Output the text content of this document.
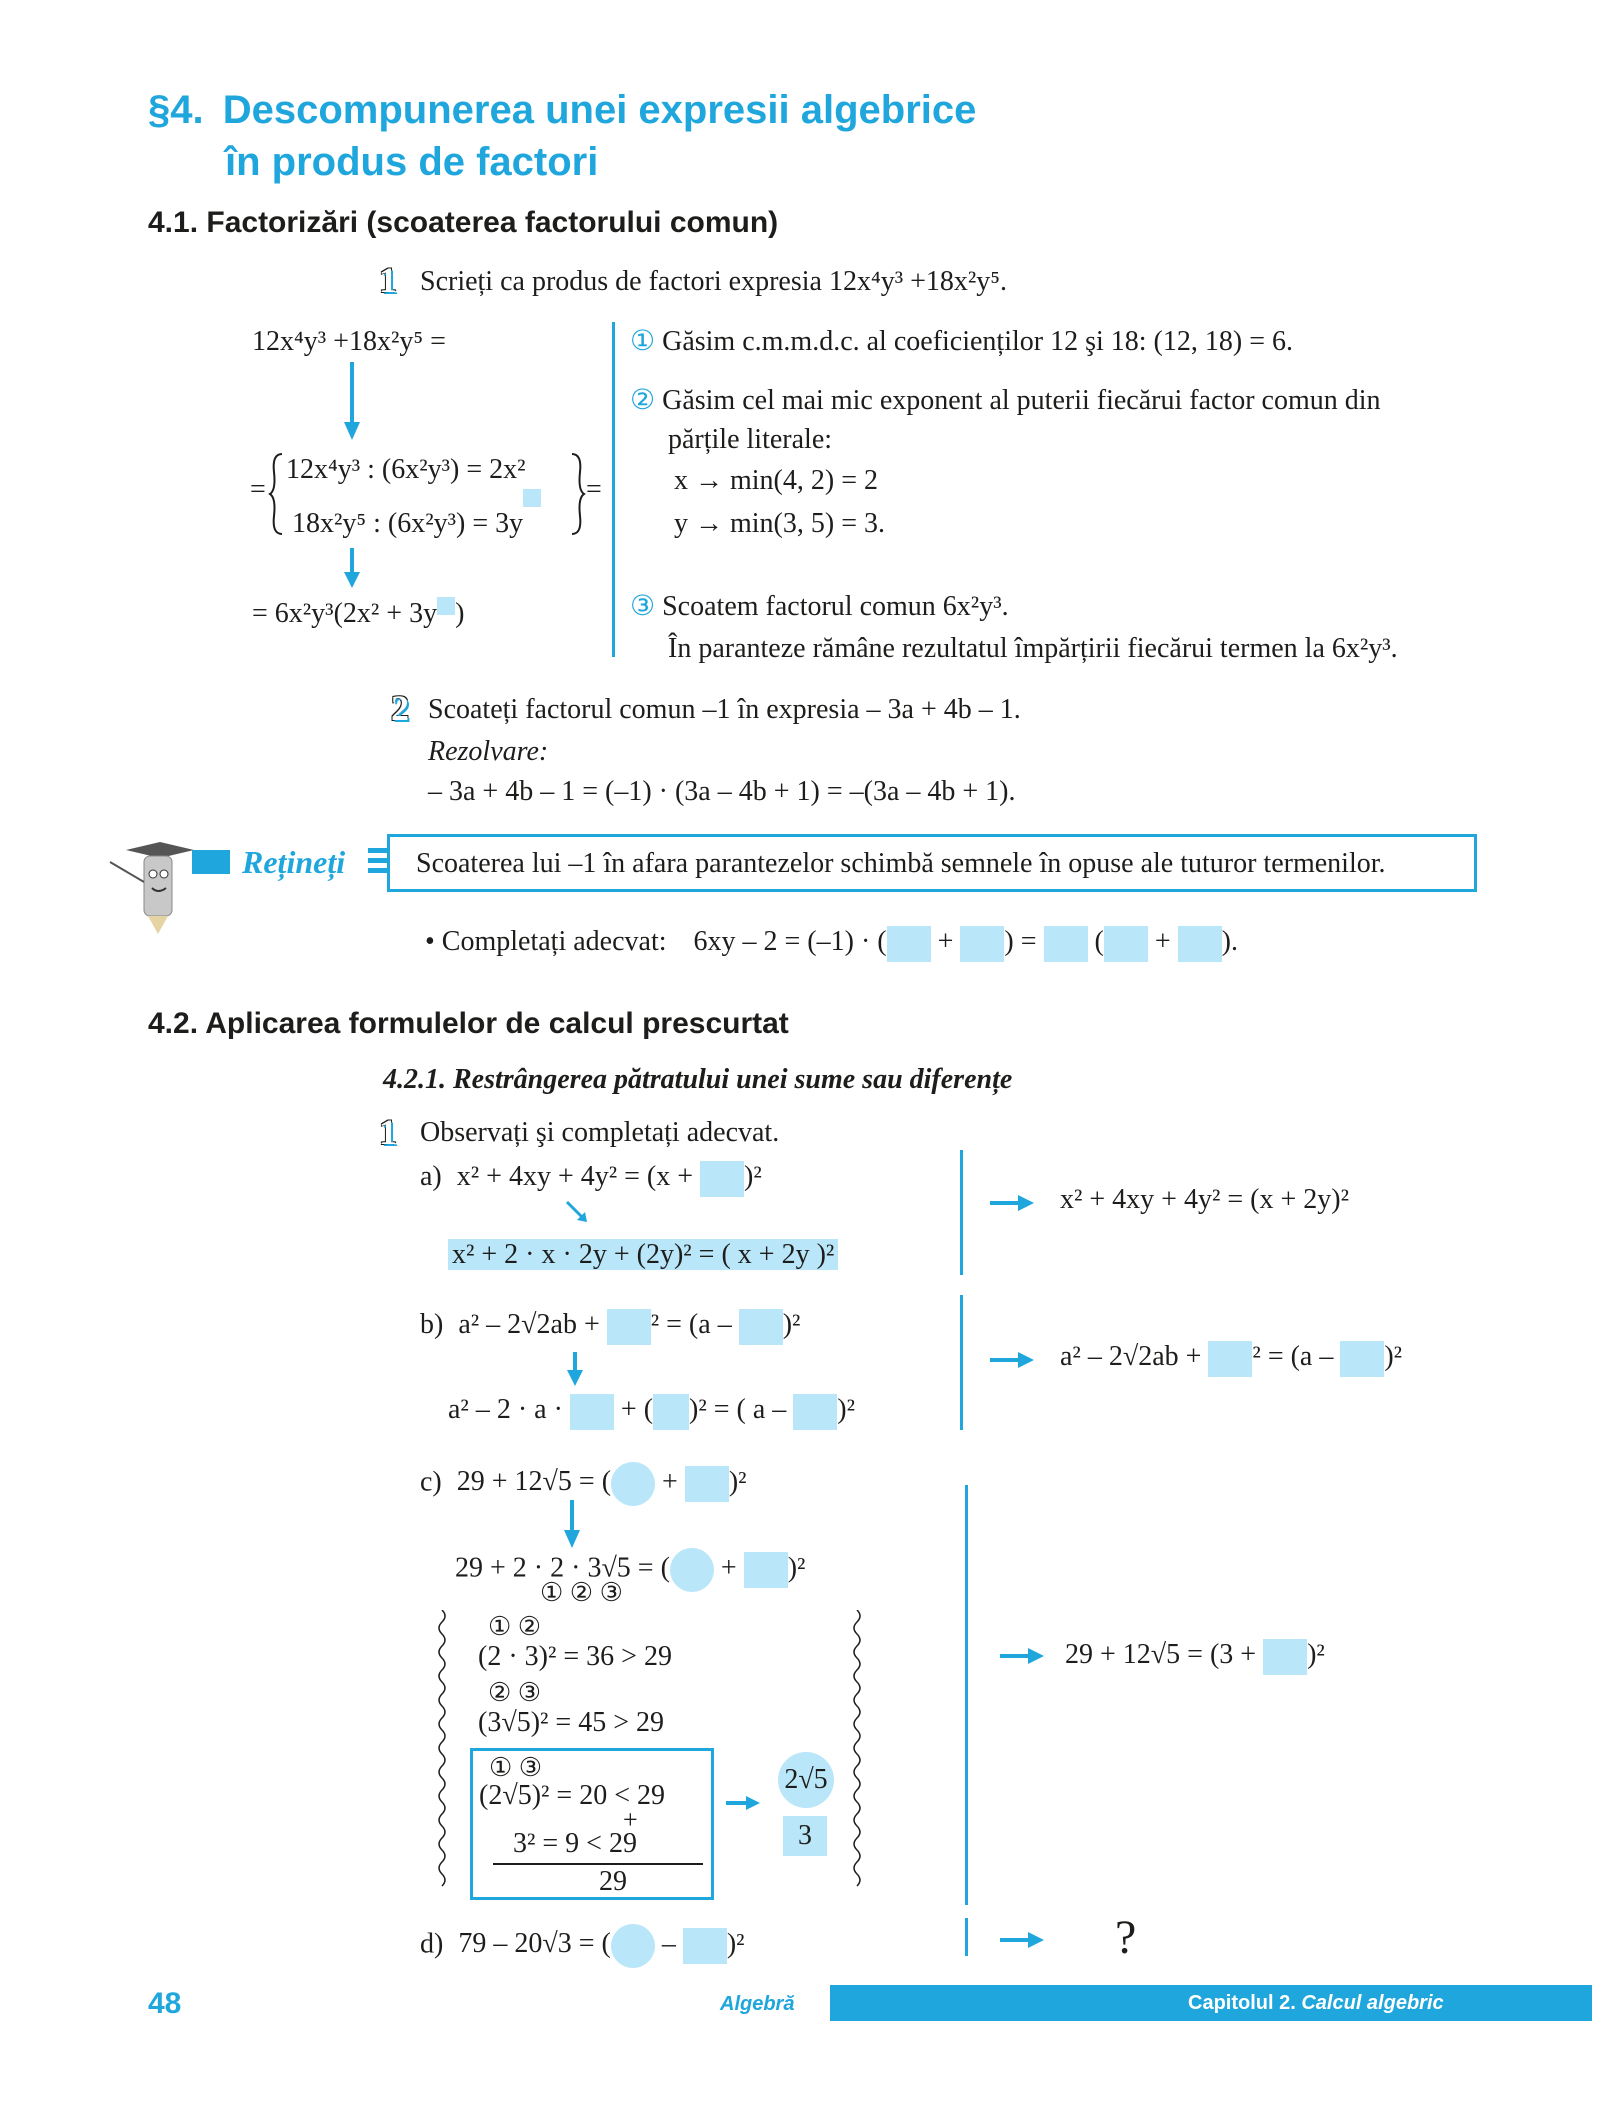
§4. Descompunerea unei expresii algebrice
în produs de factori
4.1. Factorizări (scoaterea factorului comun)
1 Scrieți ca produs de factori expresia 12x⁴y³ +18x²y⁵.
12x⁴y³ +18x²y⁵ =
=
12x⁴y³ : (6x²y³) = 2x²
18x²y⁵ : (6x²y³) = 3y
=
= 6x²y³(2x² + 3y )
① Găsim c.m.m.d.c. al coeficienților 12 şi 18: (12, 18) = 6.
② Găsim cel mai mic exponent al puterii fiecărui factor comun din
părțile literale:
x → min(4, 2) = 2
y → min(3, 5) = 3.
③ Scoatem factorul comun 6x²y³.
În paranteze rămâne rezultatul împărțirii fiecărui termen la 6x²y³.
2 Scoateți factorul comun –1 în expresia – 3a + 4b – 1.
Rezolvare:
– 3a + 4b – 1 = (–1) · (3a – 4b + 1) = –(3a – 4b + 1).
Rețineți	Scoaterea lui –1 în afara parantezelor schimbă semnele în opuse ale tuturor termenilor.
• Completați adecvat: 6xy – 2 = (–1) · ( + ) = ( + ).
4.2. Aplicarea formulelor de calcul prescurtat
4.2.1. Restrângerea pătratului unei sume sau diferențe
1 Observați şi completați adecvat.
a) x² + 4xy + 4y² = (x + )²
x² + 2 · x · 2y + (2y)² = ( x + 2y )²
x² + 4xy + 4y² = (x + 2y)²
b) a² – 2√2ab + ² = (a – )²
a² – 2 · a · + ( )² = ( a – )²
a² – 2√2ab + ² = (a – )²
c) 29 + 12√5 = ( + )²
29 + 2 · 2 · 3√5 = ( + )²
① ② ③
① ②
(2 · 3)² = 36 > 29
② ③
(3√5)² = 45 > 29
① ③
(2√5)² = 20 < 29
+
3² = 9 < 29
29
2√5
3
29 + 12√5 = (3 + )²
d) 79 – 20√3 = ( – )²	?
48	Algebră	Capitolul 2. Calcul algebric
